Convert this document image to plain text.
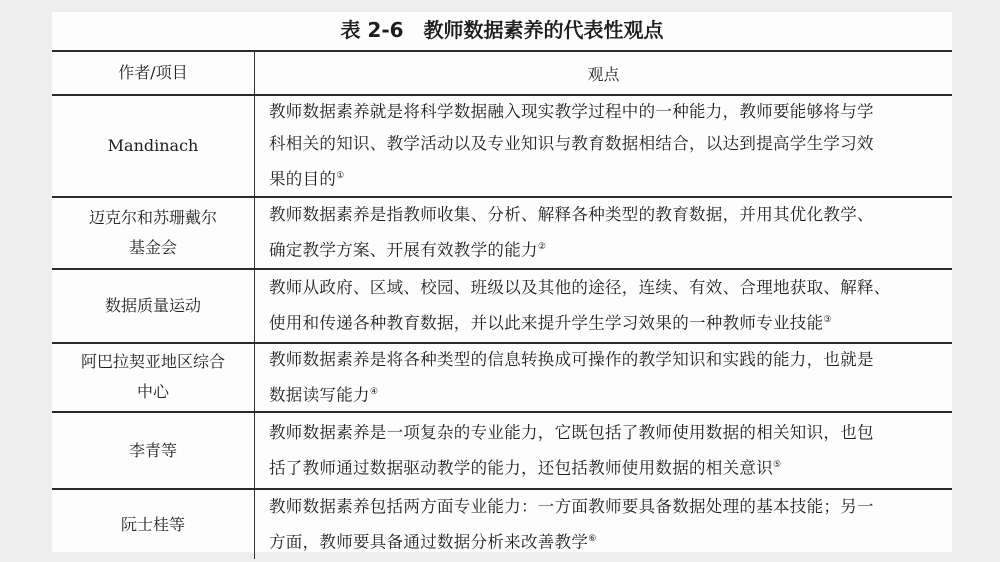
表 2-6　教师数据素养的代表性观点
作者/项目	观点

Mandinach	教师数据素养就是将科学数据融入现实教学过程中的一种能力，教师要能够将与学
科相关的知识、教学活动以及专业知识与教育数据相结合，以达到提高学生学习效
果的目的①

迈克尔和苏珊戴尔
基金会	教师数据素养是指教师收集、分析、解释各种类型的教育数据，并用其优化教学、
确定教学方案、开展有效教学的能力②

数据质量运动	教师从政府、区域、校园、班级以及其他的途径，连续、有效、合理地获取、解释、
使用和传递各种教育数据，并以此来提升学生学习效果的一种教师专业技能③

阿巴拉契亚地区综合
中心	教师数据素养是将各种类型的信息转换成可操作的教学知识和实践的能力，也就是
数据读写能力④

李青等	教师数据素养是一项复杂的专业能力，它既包括了教师使用数据的相关知识，也包
括了教师通过数据驱动教学的能力，还包括教师使用数据的相关意识⑤

阮士桂等	教师数据素养包括两方面专业能力：一方面教师要具备数据处理的基本技能；另一
方面，教师要具备通过数据分析来改善教学⑥
